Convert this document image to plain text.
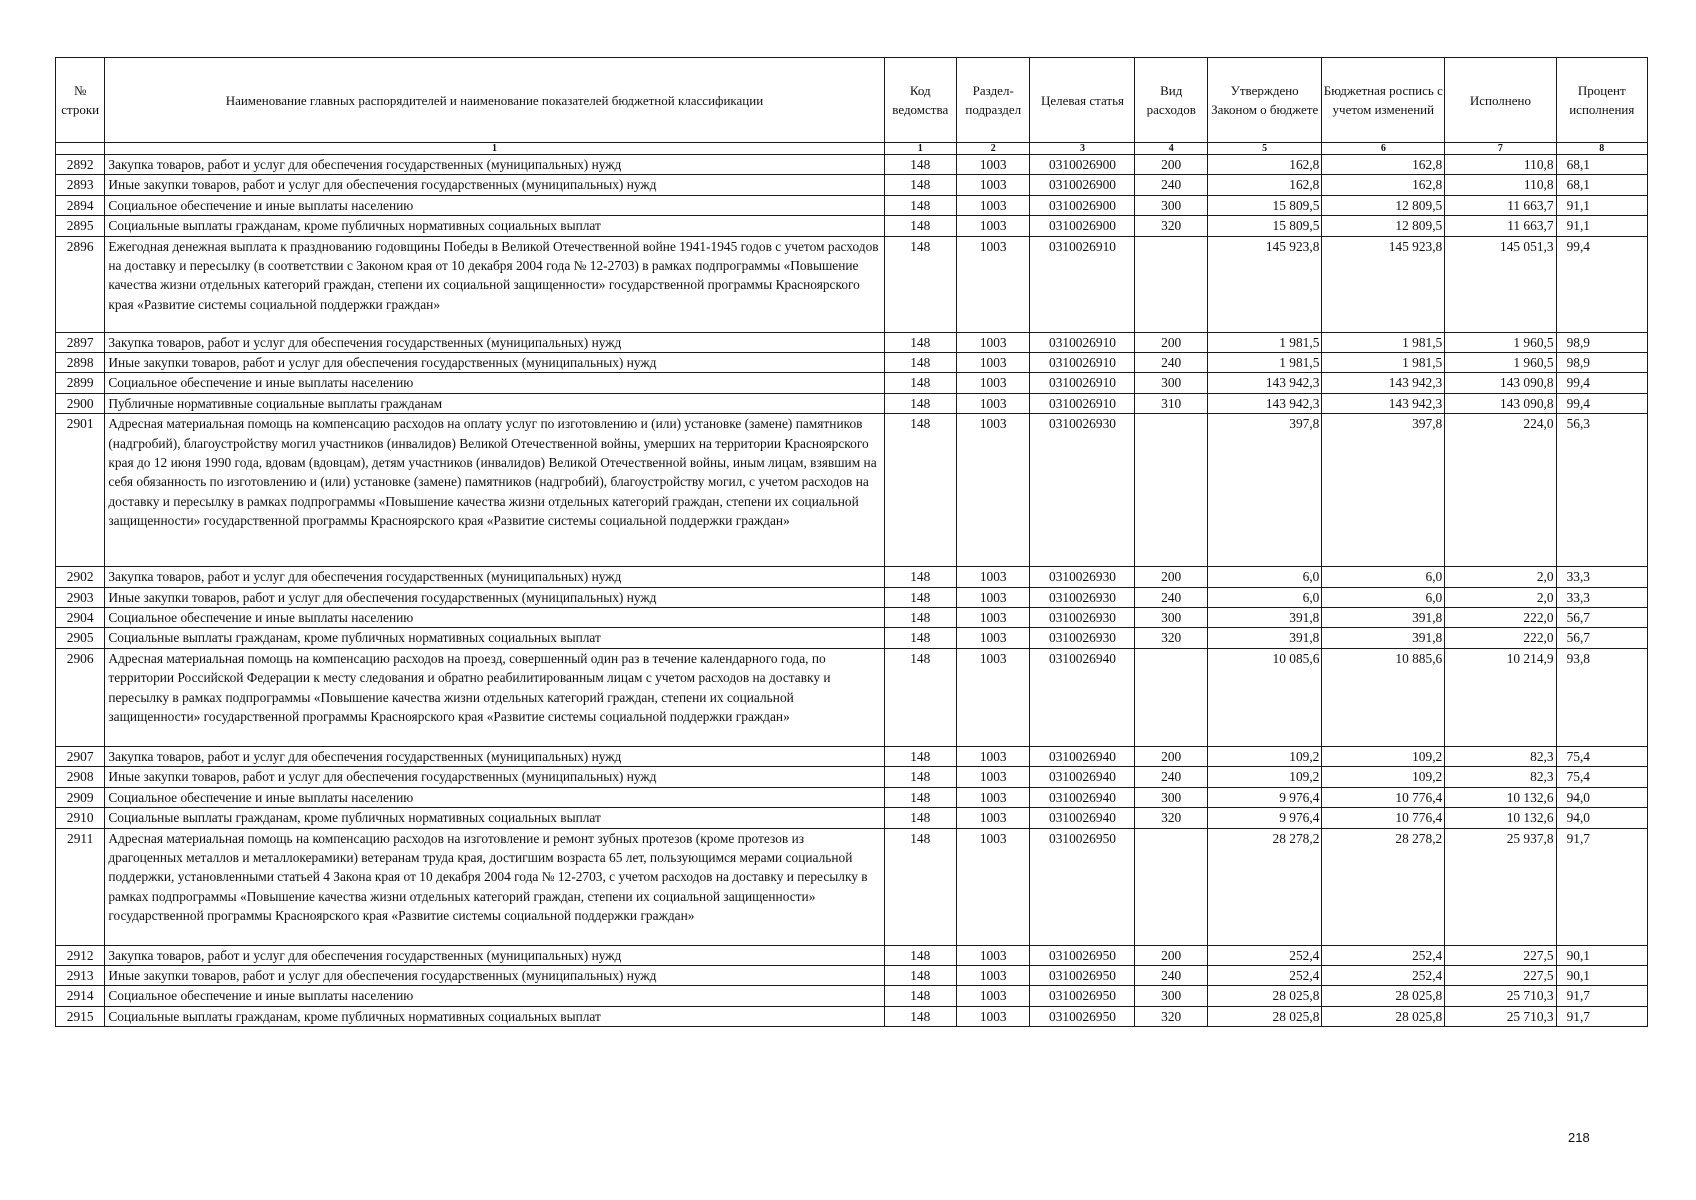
№ строки	Наименование главных распорядителей и наименование показателей бюджетной классификации	Код ведомства	Раздел-подраздел	Целевая статья	Вид расходов	Утверждено Законом о бюджете	Бюджетная роспись с учетом изменений	Исполнено	Процент исполнения
	1	1	2	3	4	5	6	7	8
2892	Закупка товаров, работ и услуг для обеспечения государственных (муниципальных) нужд	148	1003	0310026900	200	162,8	162,8	110,8	68,1
2893	Иные закупки товаров, работ и услуг для обеспечения государственных (муниципальных) нужд	148	1003	0310026900	240	162,8	162,8	110,8	68,1
2894	Социальное обеспечение и иные выплаты населению	148	1003	0310026900	300	15 809,5	12 809,5	11 663,7	91,1
2895	Социальные выплаты гражданам, кроме публичных нормативных социальных выплат	148	1003	0310026900	320	15 809,5	12 809,5	11 663,7	91,1
2896	Ежегодная денежная выплата к празднованию годовщины Победы в Великой Отечественной войне 1941-1945 годов с учетом расходов на доставку и пересылку (в соответствии с Законом края от 10 декабря 2004 года № 12-2703) в рамках подпрограммы «Повышение качества жизни отдельных категорий граждан, степени их социальной защищенности» государственной программы Красноярского края «Развитие системы социальной поддержки граждан»	148	1003	0310026910		145 923,8	145 923,8	145 051,3	99,4
2897	Закупка товаров, работ и услуг для обеспечения государственных (муниципальных) нужд	148	1003	0310026910	200	1 981,5	1 981,5	1 960,5	98,9
2898	Иные закупки товаров, работ и услуг для обеспечения государственных (муниципальных) нужд	148	1003	0310026910	240	1 981,5	1 981,5	1 960,5	98,9
2899	Социальное обеспечение и иные выплаты населению	148	1003	0310026910	300	143 942,3	143 942,3	143 090,8	99,4
2900	Публичные нормативные социальные выплаты гражданам	148	1003	0310026910	310	143 942,3	143 942,3	143 090,8	99,4
2901	Адресная материальная помощь на компенсацию расходов на оплату услуг по изготовлению и (или) установке (замене) памятников (надгробий), благоустройству могил участников (инвалидов) Великой Отечественной войны, умерших на территории Красноярского края до 12 июня 1990 года, вдовам (вдовцам), детям участников (инвалидов) Великой Отечественной войны, иным лицам, взявшим на себя обязанность по изготовлению и (или) установке (замене) памятников (надгробий), благоустройству могил, с учетом расходов на доставку и пересылку в рамках подпрограммы «Повышение качества жизни отдельных категорий граждан, степени их социальной защищенности» государственной программы Красноярского края «Развитие системы социальной поддержки граждан»	148	1003	0310026930		397,8	397,8	224,0	56,3
2902	Закупка товаров, работ и услуг для обеспечения государственных (муниципальных) нужд	148	1003	0310026930	200	6,0	6,0	2,0	33,3
2903	Иные закупки товаров, работ и услуг для обеспечения государственных (муниципальных) нужд	148	1003	0310026930	240	6,0	6,0	2,0	33,3
2904	Социальное обеспечение и иные выплаты населению	148	1003	0310026930	300	391,8	391,8	222,0	56,7
2905	Социальные выплаты гражданам, кроме публичных нормативных социальных выплат	148	1003	0310026930	320	391,8	391,8	222,0	56,7
2906	Адресная материальная помощь на компенсацию расходов на проезд, совершенный один раз в течение календарного года, по территории Российской Федерации к месту следования и обратно реабилитированным лицам с учетом расходов на доставку и пересылку в рамках подпрограммы «Повышение качества жизни отдельных категорий граждан, степени их социальной защищенности» государственной программы Красноярского края «Развитие системы социальной поддержки граждан»	148	1003	0310026940		10 085,6	10 885,6	10 214,9	93,8
2907	Закупка товаров, работ и услуг для обеспечения государственных (муниципальных) нужд	148	1003	0310026940	200	109,2	109,2	82,3	75,4
2908	Иные закупки товаров, работ и услуг для обеспечения государственных (муниципальных) нужд	148	1003	0310026940	240	109,2	109,2	82,3	75,4
2909	Социальное обеспечение и иные выплаты населению	148	1003	0310026940	300	9 976,4	10 776,4	10 132,6	94,0
2910	Социальные выплаты гражданам, кроме публичных нормативных социальных выплат	148	1003	0310026940	320	9 976,4	10 776,4	10 132,6	94,0
2911	Адресная материальная помощь на компенсацию расходов на изготовление и ремонт зубных протезов (кроме протезов из драгоценных металлов и металлокерамики) ветеранам труда края, достигшим возраста 65 лет, пользующимся мерами социальной поддержки, установленными статьей 4 Закона края от 10 декабря 2004 года № 12-2703, с учетом расходов на доставку и пересылку в рамках подпрограммы «Повышение качества жизни отдельных категорий граждан, степени их социальной защищенности» государственной программы Красноярского края «Развитие системы социальной поддержки граждан»	148	1003	0310026950		28 278,2	28 278,2	25 937,8	91,7
2912	Закупка товаров, работ и услуг для обеспечения государственных (муниципальных) нужд	148	1003	0310026950	200	252,4	252,4	227,5	90,1
2913	Иные закупки товаров, работ и услуг для обеспечения государственных (муниципальных) нужд	148	1003	0310026950	240	252,4	252,4	227,5	90,1
2914	Социальное обеспечение и иные выплаты населению	148	1003	0310026950	300	28 025,8	28 025,8	25 710,3	91,7
2915	Социальные выплаты гражданам, кроме публичных нормативных социальных выплат	148	1003	0310026950	320	28 025,8	28 025,8	25 710,3	91,7
218
